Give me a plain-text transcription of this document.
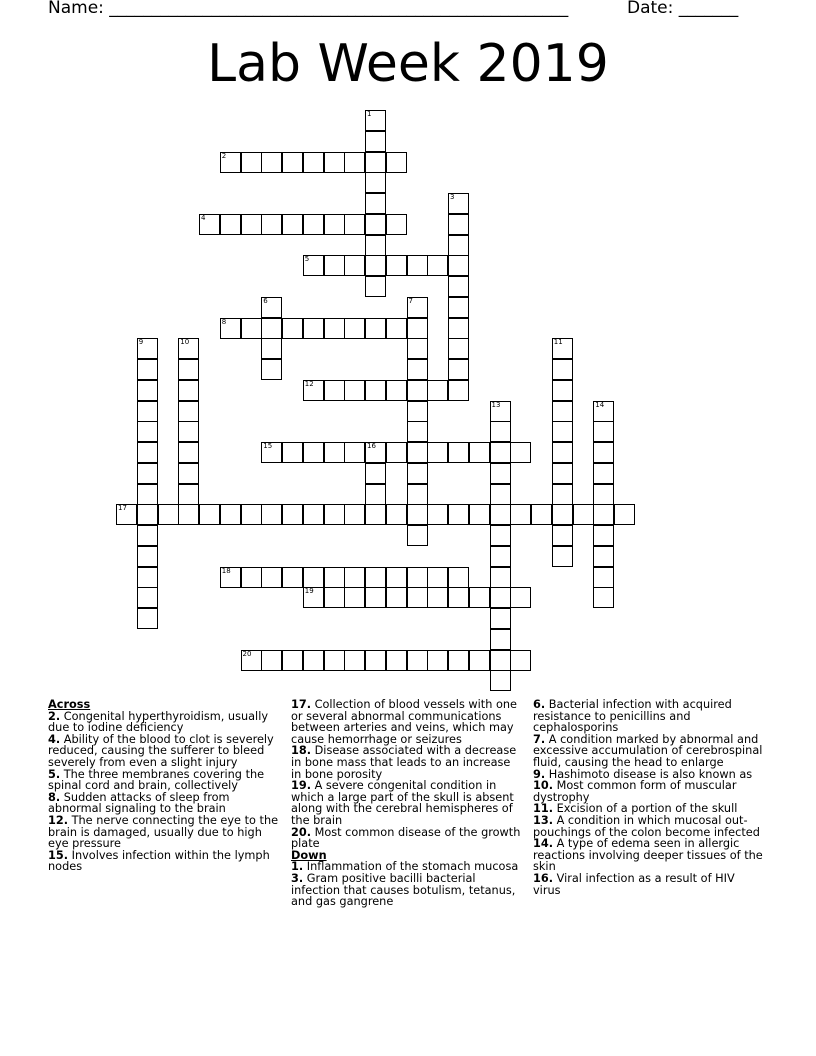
Name: ______________________________________________________	Date: _______
Lab Week 2019
2
4
5
8
12
15
17
18
19
20
1
3
6	7
9	10	11
13	14
16
Across
2. Congenital hyperthyroidism, usually due to iodine deficiency
4. Ability of the blood to clot is severely reduced, causing the sufferer to bleed severely from even a slight injury
5. The three membranes covering the spinal cord and brain, collectively
8. Sudden attacks of sleep from abnormal signaling to the brain
12. The nerve connecting the eye to the brain is damaged, usually due to high eye pressure
15. Involves infection within the lymph nodes
17. Collection of blood vessels with one or several abnormal communications between arteries and veins, which may cause hemorrhage or seizures
18. Disease associated with a decrease in bone mass that leads to an increase in bone porosity
19. A severe congenital condition in which a large part of the skull is absent along with the cerebral hemispheres of the brain
20. Most common disease of the growth plate
Down
1. Inflammation of the stomach mucosa
3. Gram positive bacilli bacterial infection that causes botulism, tetanus, and gas gangrene
6. Bacterial infection with acquired resistance to penicillins and cephalosporins
7. A condition marked by abnormal and excessive accumulation of cerebrospinal fluid, causing the head to enlarge
9. Hashimoto disease is also known as
10. Most common form of muscular dystrophy
11. Excision of a portion of the skull
13. A condition in which mucosal out-pouchings of the colon become infected
14. A type of edema seen in allergic reactions involving deeper tissues of the skin
16. Viral infection as a result of HIV virus
